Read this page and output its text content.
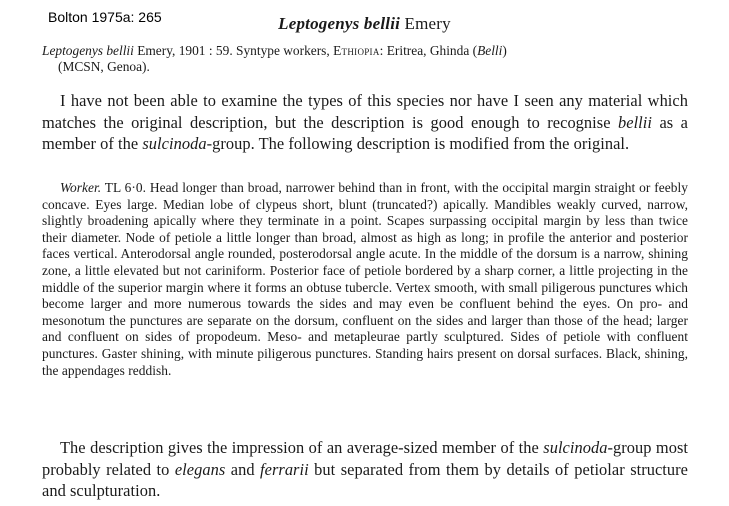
Bolton 1975a: 265	Leptogenys bellii Emery
Leptogenys bellii Emery, 1901 : 59. Syntype workers, Ethiopia: Eritrea, Ghinda (Belli)
(MCSN, Genoa).
I have not been able to examine the types of this species nor have I seen any material which matches the original description, but the description is good enough to recognise bellii as a member of the sulcinoda-group. The following description is modified from the original.
Worker. TL 6·0. Head longer than broad, narrower behind than in front, with the occipital margin straight or feebly concave. Eyes large. Median lobe of clypeus short, blunt (truncated?) apically. Mandibles weakly curved, narrow, slightly broadening apically where they terminate in a point. Scapes surpassing occipital margin by less than twice their diameter. Node of petiole a little longer than broad, almost as high as long; in profile the anterior and posterior faces vertical. Anterodorsal angle rounded, posterodorsal angle acute. In the middle of the dorsum is a narrow, shining zone, a little elevated but not cariniform. Posterior face of petiole bordered by a sharp corner, a little projecting in the middle of the superior margin where it forms an obtuse tubercle. Vertex smooth, with small piligerous punctures which become larger and more numerous towards the sides and may even be confluent behind the eyes. On pro- and mesonotum the punctures are separate on the dorsum, confluent on the sides and larger than those of the head; larger and confluent on sides of propodeum. Meso- and metapleurae partly sculptured. Sides of petiole with confluent punctures. Gaster shining, with minute piligerous punctures. Standing hairs present on dorsal surfaces. Black, shining, the appendages reddish.
The description gives the impression of an average-sized member of the sulcinoda-group most probably related to elegans and ferrarii but separated from them by details of petiolar structure and sculpturation.
